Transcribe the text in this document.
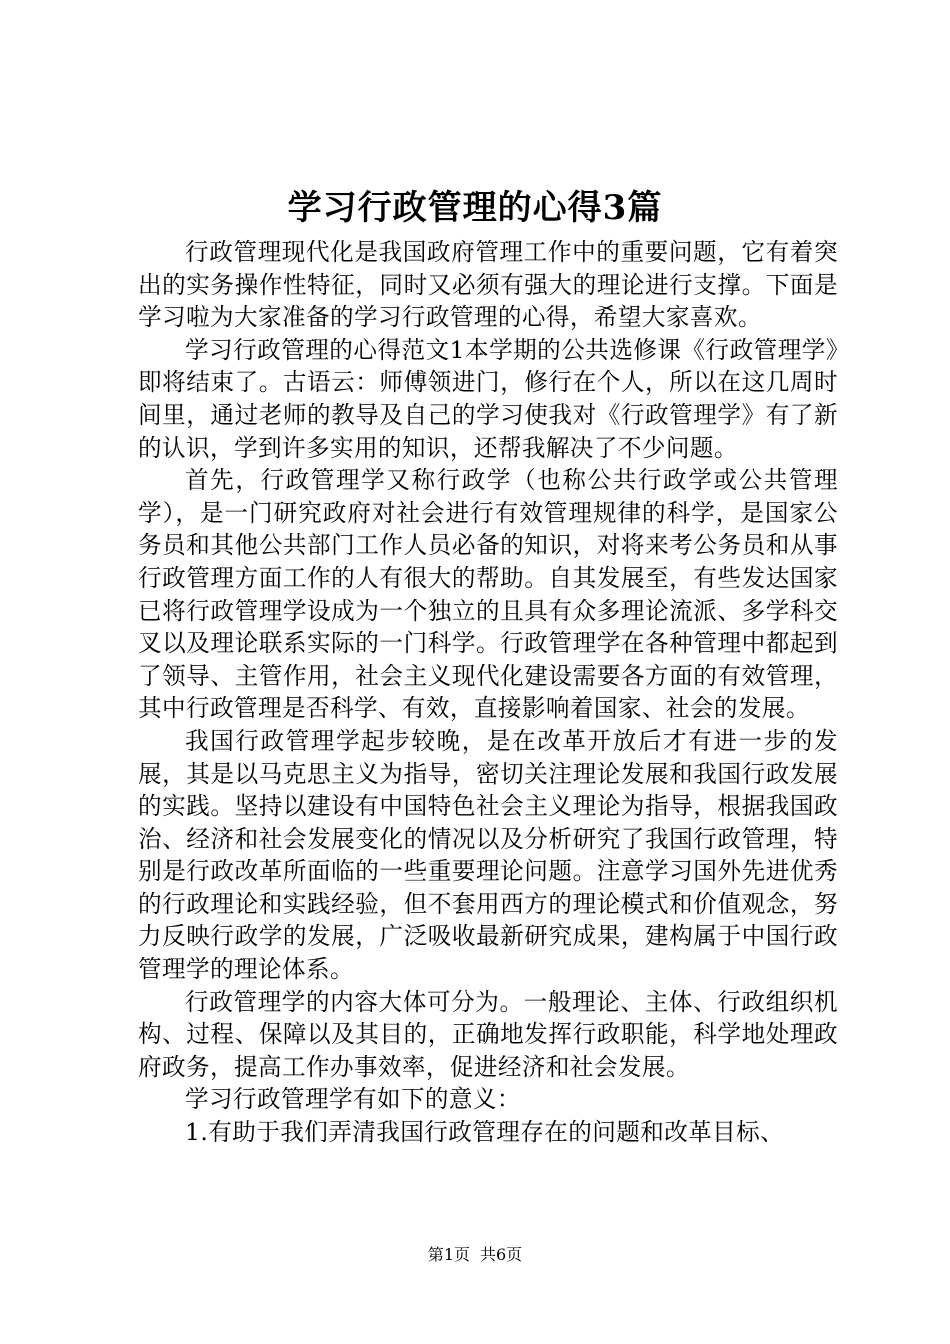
学习行政管理的心得3篇

行政管理现代化是我国政府管理工作中的重要问题，它有着突出的实务操作性特征，同时又必须有强大的理论进行支撑。下面是学习啦为大家准备的学习行政管理的心得，希望大家喜欢。

学习行政管理的心得范文1本学期的公共选修课《行政管理学》即将结束了。古语云：师傅领进门，修行在个人，所以在这几周时间里，通过老师的教导及自己的学习使我对《行政管理学》有了新的认识，学到许多实用的知识，还帮我解决了不少问题。

首先，行政管理学又称行政学（也称公共行政学或公共管理学），是一门研究政府对社会进行有效管理规律的科学，是国家公务员和其他公共部门工作人员必备的知识，对将来考公务员和从事行政管理方面工作的人有很大的帮助。自其发展至，有些发达国家已将行政管理学设成为一个独立的且具有众多理论流派、多学科交叉以及理论联系实际的一门科学。行政管理学在各种管理中都起到了领导、主管作用，社会主义现代化建设需要各方面的有效管理，其中行政管理是否科学、有效，直接影响着国家、社会的发展。

我国行政管理学起步较晚，是在改革开放后才有进一步的发展，其是以马克思主义为指导，密切关注理论发展和我国行政发展的实践。坚持以建设有中国特色社会主义理论为指导，根据我国政治、经济和社会发展变化的情况以及分析研究了我国行政管理，特别是行政改革所面临的一些重要理论问题。注意学习国外先进优秀的行政理论和实践经验，但不套用西方的理论模式和价值观念，努力反映行政学的发展，广泛吸收最新研究成果，建构属于中国行政管理学的理论体系。

行政管理学的内容大体可分为。一般理论、主体、行政组织机构、过程、保障以及其目的，正确地发挥行政职能，科学地处理政府政务，提高工作办事效率，促进经济和社会发展。

学习行政管理学有如下的意义：

1.有助于我们弄清我国行政管理存在的问题和改革目标、

第1页 共6页
